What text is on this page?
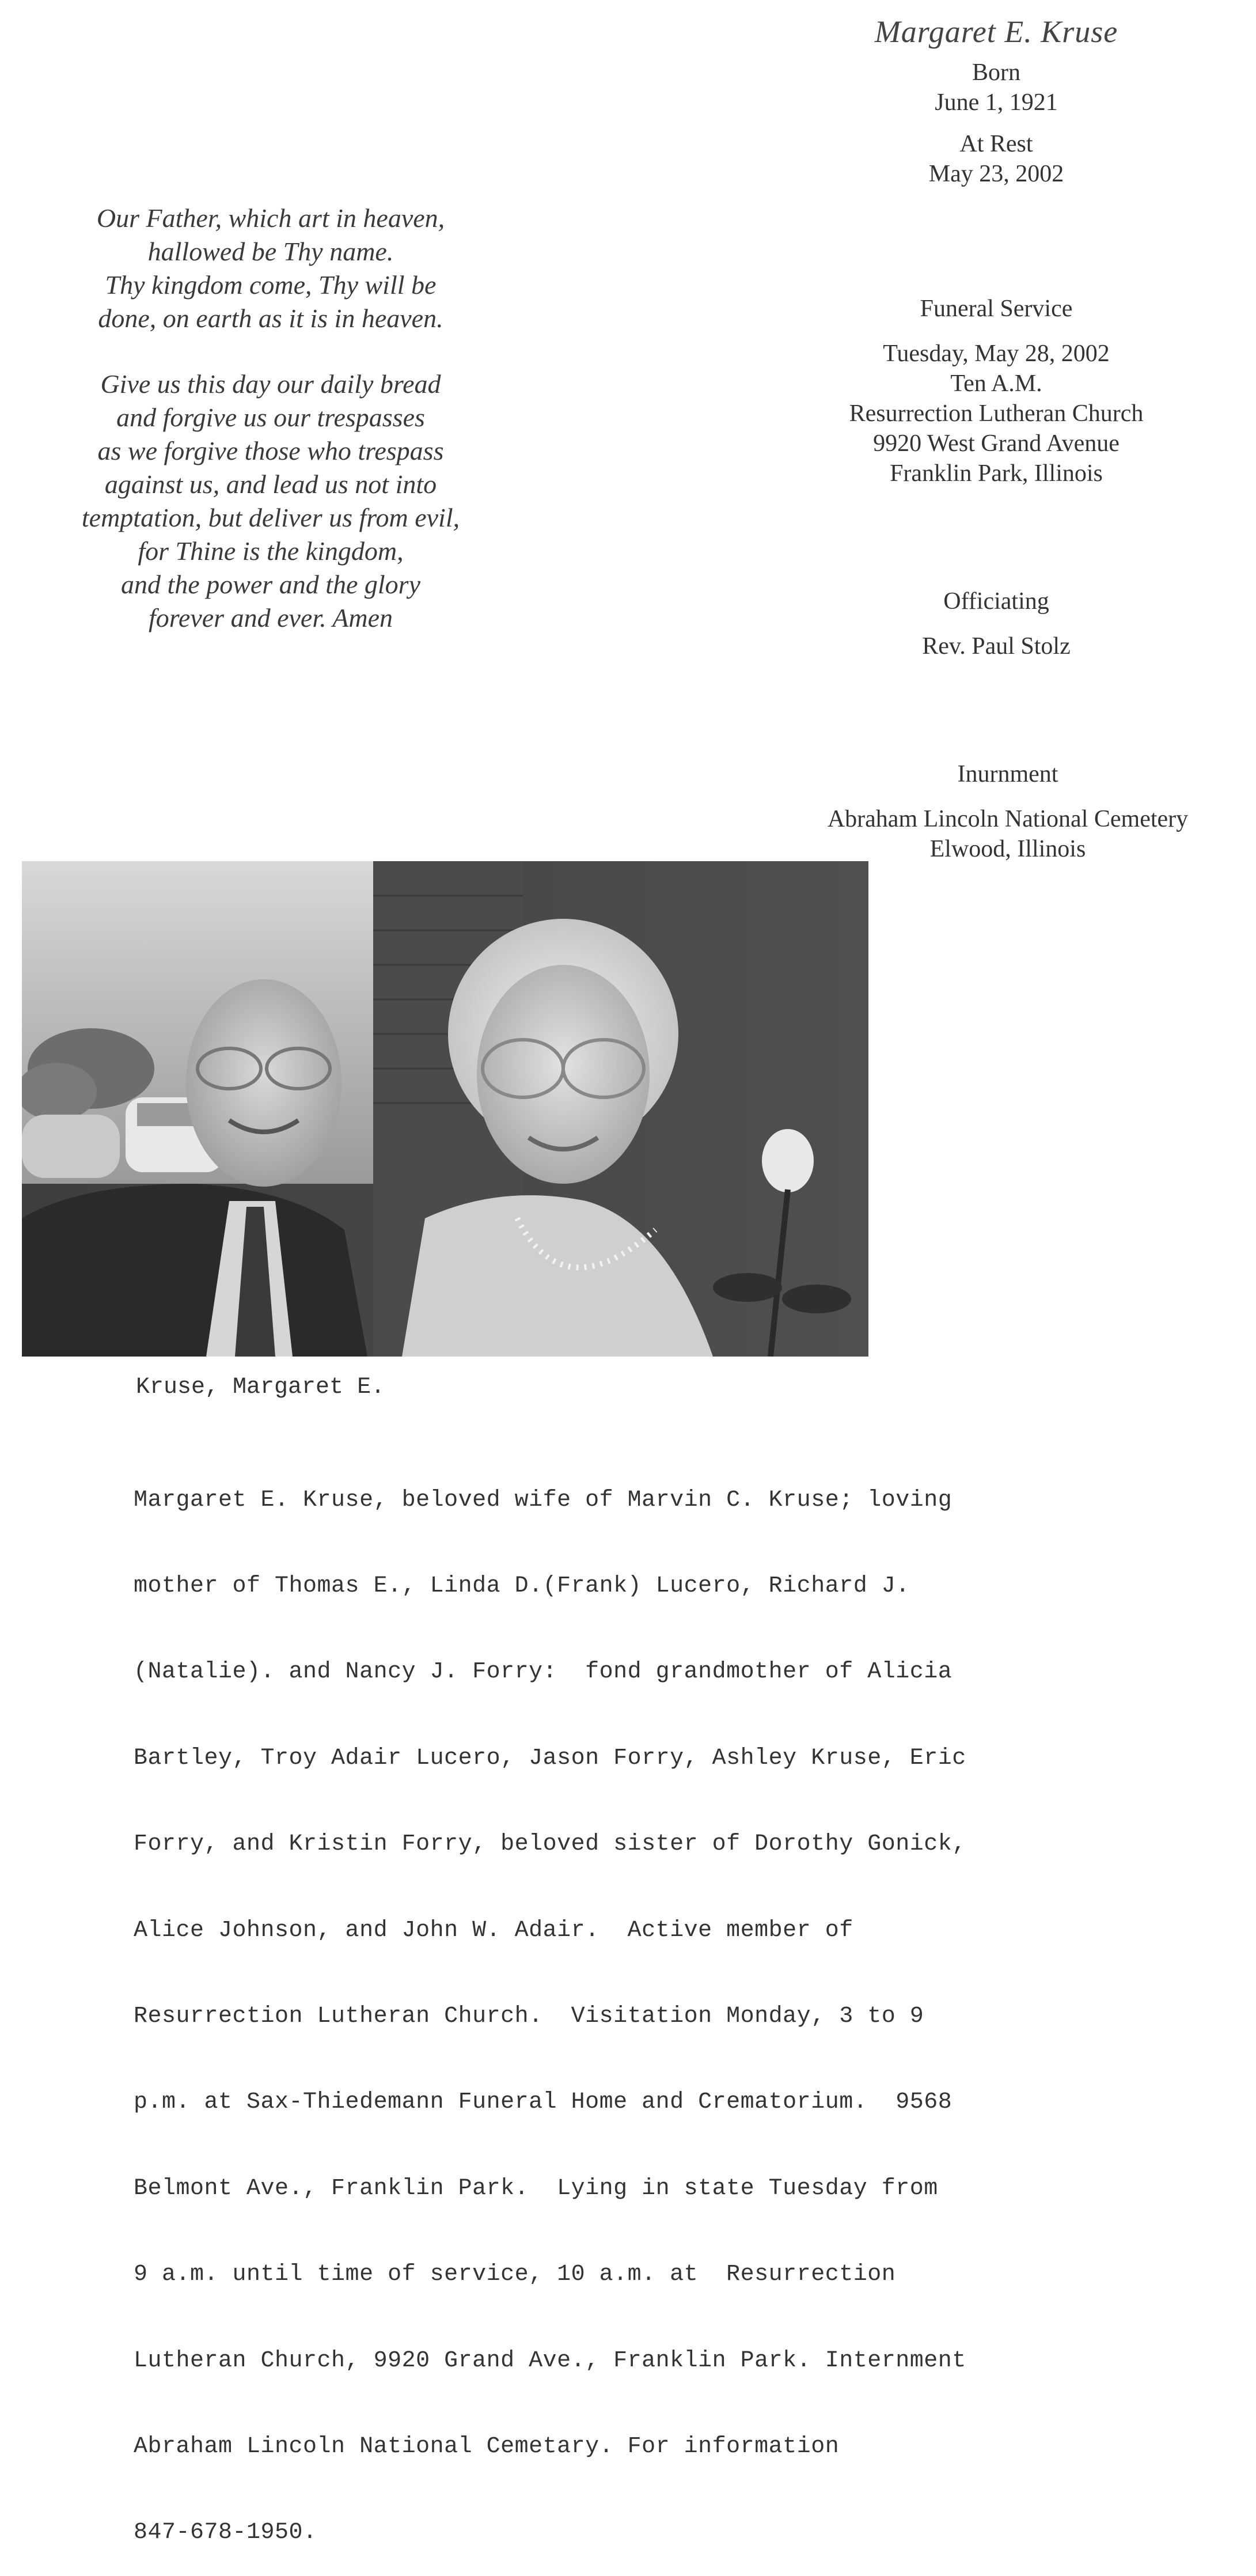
Margaret E. Kruse
Born
June 1, 1921
At Rest
May 23, 2002
Our Father, which art in heaven,
hallowed be Thy name.
Thy kingdom come, Thy will be
done, on earth as it is in heaven.
Give us this day our daily bread
and forgive us our trespasses
as we forgive those who trespass
against us, and lead us not into
temptation, but deliver us from evil,
for Thine is the kingdom,
and the power and the glory
forever and ever. Amen
Funeral Service
Tuesday, May 28, 2002
Ten A.M.
Resurrection Lutheran Church
9920 West Grand Avenue
Franklin Park, Illinois
Officiating
Rev. Paul Stolz
Inurnment
Abraham Lincoln National Cemetery
Elwood, Illinois
Kruse, Margaret E.

Margaret E. Kruse, beloved wife of Marvin C. Kruse; loving

mother of Thomas E., Linda D.(Frank) Lucero, Richard J.

(Natalie). and Nancy J. Forry:  fond grandmother of Alicia

Bartley, Troy Adair Lucero, Jason Forry, Ashley Kruse, Eric

Forry, and Kristin Forry, beloved sister of Dorothy Gonick,

Alice Johnson, and John W. Adair.  Active member of

Resurrection Lutheran Church.  Visitation Monday, 3 to 9

p.m. at Sax-Thiedemann Funeral Home and Crematorium.  9568

Belmont Ave., Franklin Park.  Lying in state Tuesday from

9 a.m. until time of service, 10 a.m. at  Resurrection

Lutheran Church, 9920 Grand Ave., Franklin Park. Internment

Abraham Lincoln National Cemetary. For information

847-678-1950.
